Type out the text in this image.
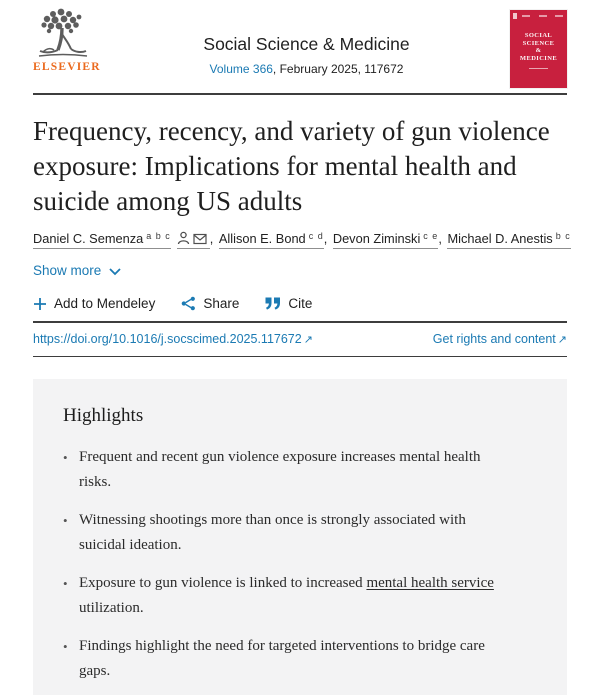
ELSEVIER
Social Science & Medicine
Volume 366, February 2025, 117672
SOCIAL
SCIENCE
&
MEDICINE
Frequency, recency, and variety of gun violence exposure: Implications for mental health and suicide among US adults
Daniel C. Semenza $^{a b c}$	, Allison E. Bond $^{c d}$, Devon Ziminski $^{c e}$, Michael D. Anestis $^{b c}$
Show more
Add to Mendeley	Share	Cite
https://doi.org/10.1016/j.socscimed.2025.117672 ↗	Get rights and content ↗
Highlights
• Frequent and recent gun violence exposure increases mental health risks.
• Witnessing shootings more than once is strongly associated with suicidal ideation.
• Exposure to gun violence is linked to increased mental health service utilization.
• Findings highlight the need for targeted interventions to bridge care gaps.
